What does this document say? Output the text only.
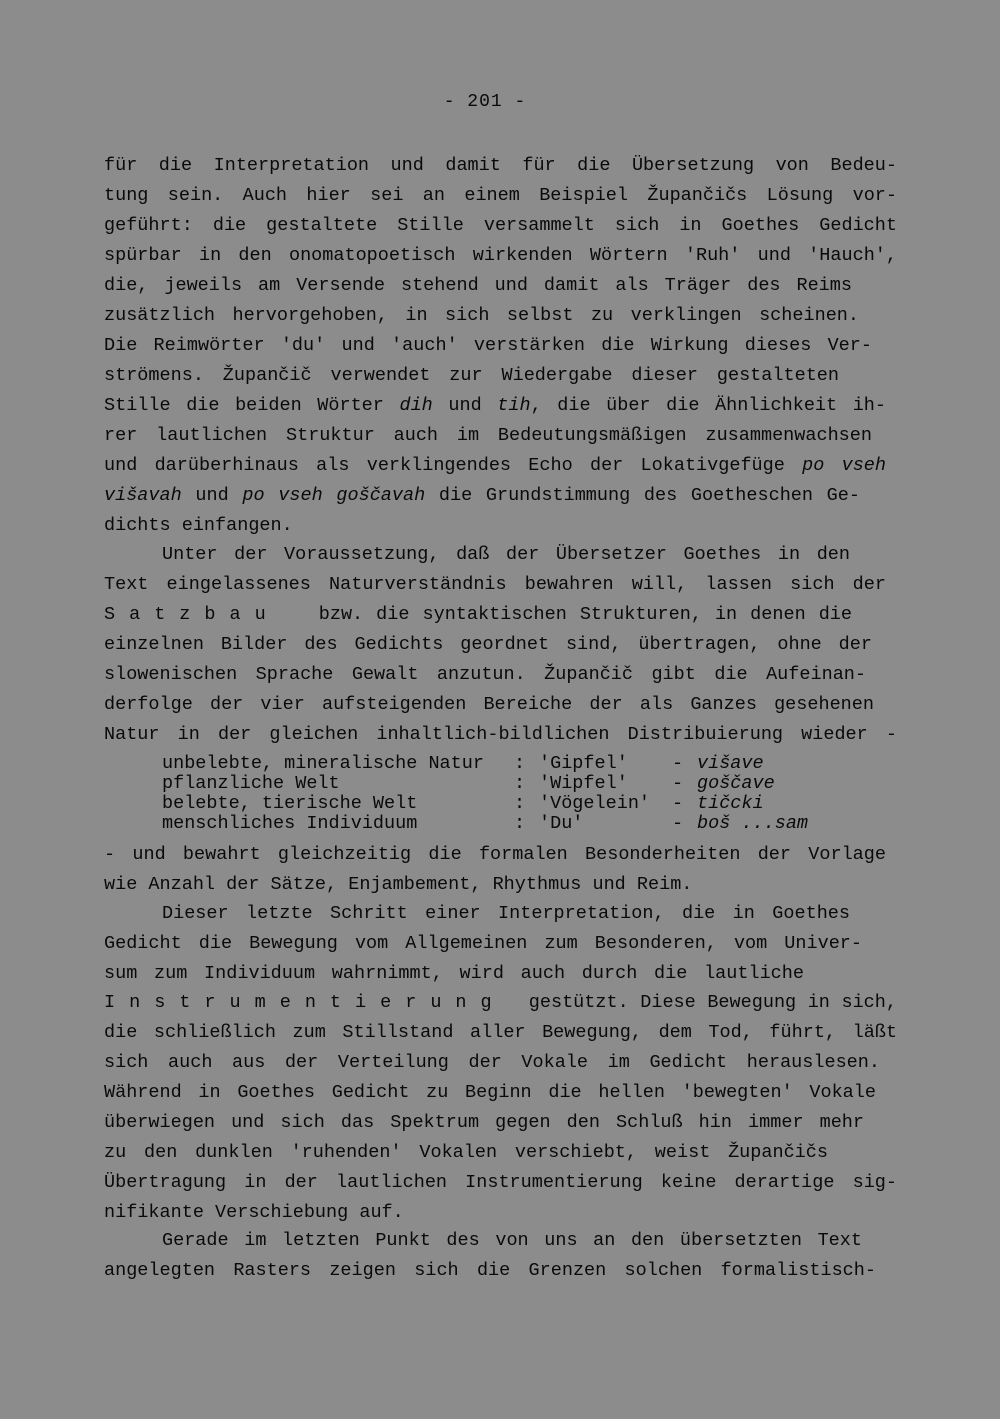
- 201 -
für die Interpretation und damit für die Übersetzung von Bedeu-
tung sein. Auch hier sei an einem Beispiel Župančičs Lösung vor-
geführt: die gestaltete Stille versammelt sich in Goethes Gedicht
spürbar in den onomatopoetisch wirkenden Wörtern 'Ruh' und 'Hauch',
die, jeweils am Versende stehend und damit als Träger des Reims
zusätzlich hervorgehoben, in sich selbst zu verklingen scheinen.
Die Reimwörter 'du' und 'auch' verstärken die Wirkung dieses Ver-
strömens. Župančič verwendet zur Wiedergabe dieser gestalteten
Stille die beiden Wörter dih und tih, die über die Ähnlichkeit ih-
rer lautlichen Struktur auch im Bedeutungsmäßigen zusammenwachsen
und darüberhinaus als verklingendes Echo der Lokativgefüge po vseh
višavah und po vseh goščavah die Grundstimmung des Goetheschen Ge-
dichts einfangen.
Unter der Voraussetzung, daß der Übersetzer Goethes in den
Text eingelassenes Naturverständnis bewahren will, lassen sich der
Satzbau   bzw. die syntaktischen Strukturen, in denen die
einzelnen Bilder des Gedichts geordnet sind, übertragen, ohne der
slowenischen Sprache Gewalt anzutun. Župančič gibt die Aufeinan-
derfolge der vier aufsteigenden Bereiche der als Ganzes gesehenen
Natur in der gleichen inhaltlich-bildlichen Distribuierung wieder -
unbelebte, mineralische Natur : 'Gipfel' - višave
pflanzliche Welt	: 'Wipfel' - goščave
belebte, tierische Welt	: 'Vögelein' - tičcki
menschliches Individuum	: 'Du'	- boš ...sam
- und bewahrt gleichzeitig die formalen Besonderheiten der Vorlage
wie Anzahl der Sätze, Enjambement, Rhythmus und Reim.
Dieser letzte Schritt einer Interpretation, die in Goethes
Gedicht die Bewegung vom Allgemeinen zum Besonderen, vom Univer-
sum zum Individuum wahrnimmt, wird auch durch die lautliche
Instrumentierung  gestützt. Diese Bewegung in sich,
die schließlich zum Stillstand aller Bewegung, dem Tod, führt, läßt
sich auch aus der Verteilung der Vokale im Gedicht herauslesen.
Während in Goethes Gedicht zu Beginn die hellen 'bewegten' Vokale
überwiegen und sich das Spektrum gegen den Schluß hin immer mehr
zu den dunklen 'ruhenden' Vokalen verschiebt, weist Župančičs
Übertragung in der lautlichen Instrumentierung keine derartige sig-
nifikante Verschiebung auf.
Gerade im letzten Punkt des von uns an den übersetzten Text
angelegten Rasters zeigen sich die Grenzen solchen formalistisch-
